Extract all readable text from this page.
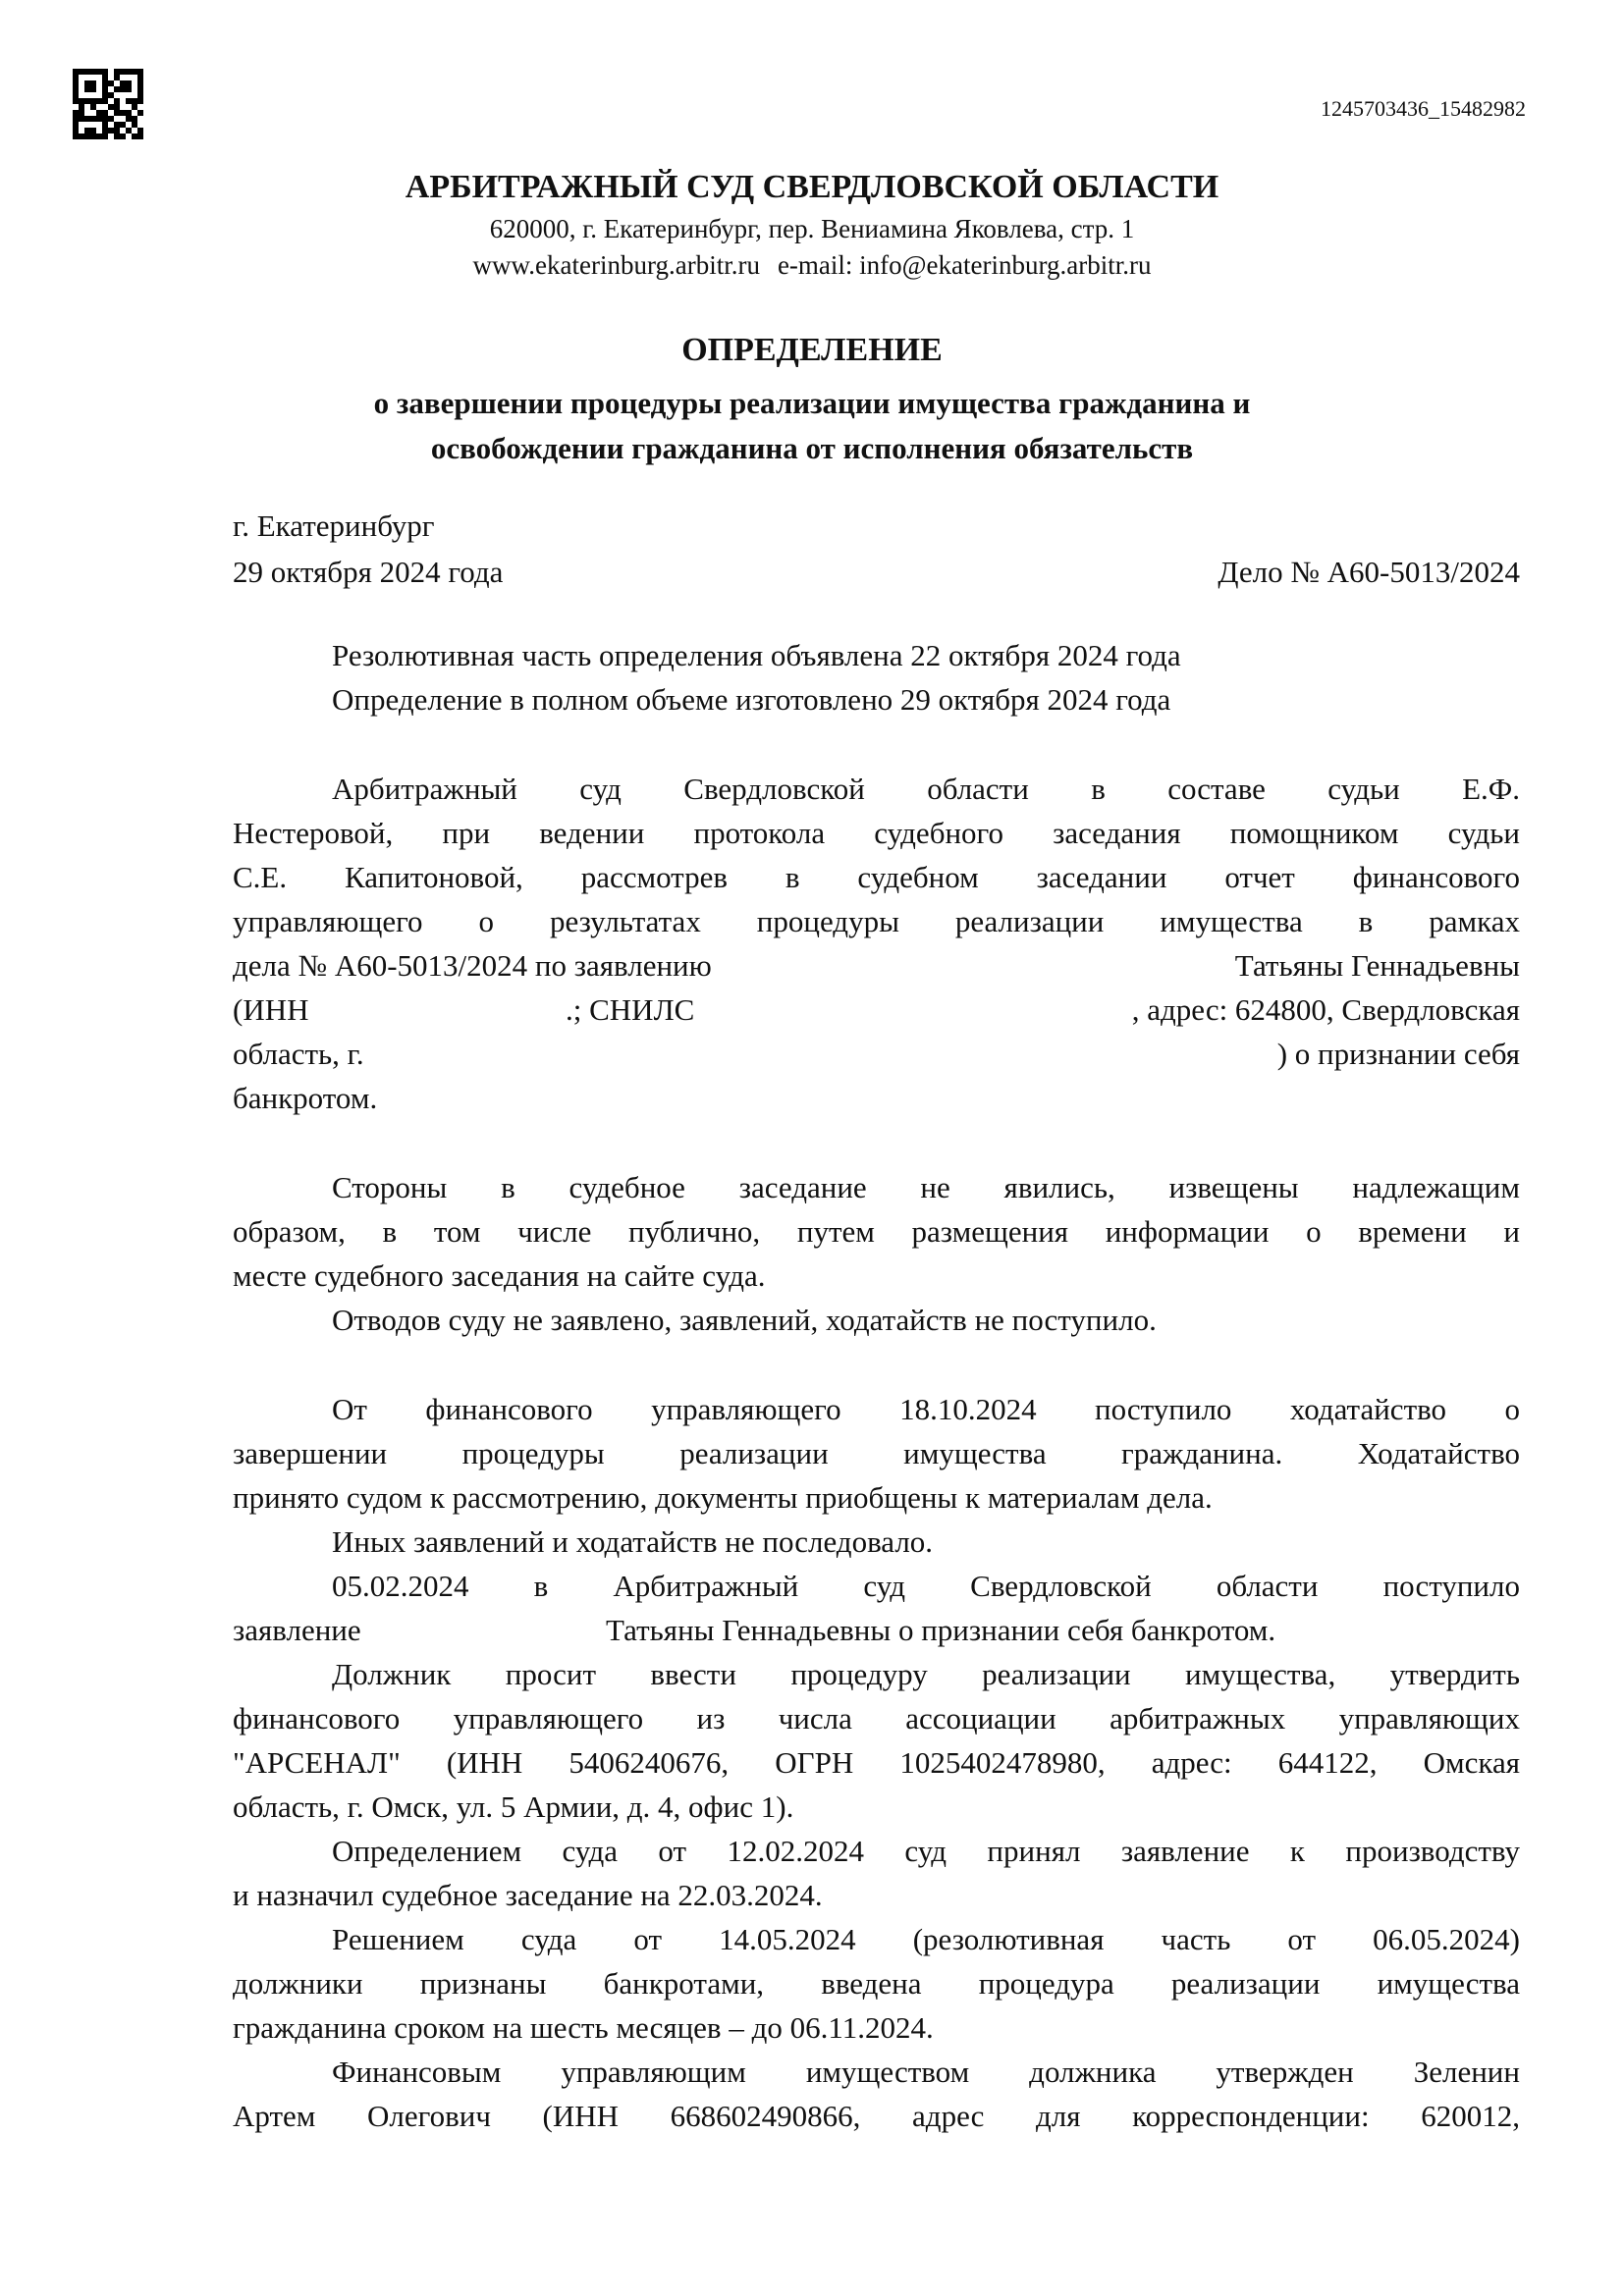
1245703436_15482982
АРБИТРАЖНЫЙ СУД СВЕРДЛОВСКОЙ ОБЛАСТИ
620000, г. Екатеринбург, пер. Вениамина Яковлева, стр. 1
www.ekaterinburg.arbitr.ru e-mail: info@ekaterinburg.arbitr.ru
ОПРЕДЕЛЕНИЕ
о завершении процедуры реализации имущества гражданина и
освобождении гражданина от исполнения обязательств
г. Екатеринбург
29 октября 2024 года	Дело № А60-5013/2024
Резолютивная часть определения объявлена 22 октября 2024 года
Определение в полном объеме изготовлено 29 октября 2024 года
Арбитражный суд Свердловской области в составе судьи Е.Ф.
Нестеровой, при ведении протокола судебного заседания помощником судьи
С.Е. Капитоновой, рассмотрев в судебном заседании отчет финансового
управляющего о результатах процедуры реализации имущества в рамках
дела № А60-5013/2024 по заявлению	Татьяны Геннадьевны
(ИНН	.; СНИЛС	, адрес: 624800, Свердловская
область, г.	) о признании себя
банкротом.
Стороны в судебное заседание не явились, извещены надлежащим
образом, в том числе публично, путем размещения информации о времени и
месте судебного заседания на сайте суда.
Отводов суду не заявлено, заявлений, ходатайств не поступило.
От финансового управляющего 18.10.2024 поступило ходатайство о
завершении процедуры реализации имущества гражданина. Ходатайство
принято судом к рассмотрению, документы приобщены к материалам дела.
Иных заявлений и ходатайств не последовало.
05.02.2024 в Арбитражный суд Свердловской области поступило
заявление	Татьяны Геннадьевны о признании себя банкротом.
Должник просит ввести процедуру реализации имущества, утвердить
финансового управляющего из числа ассоциации арбитражных управляющих
"АРСЕНАЛ" (ИНН 5406240676, ОГРН 1025402478980, адрес: 644122, Омская
область, г. Омск, ул. 5 Армии, д. 4, офис 1).
Определением суда от 12.02.2024 суд принял заявление к производству
и назначил судебное заседание на 22.03.2024.
Решением суда от 14.05.2024 (резолютивная часть от 06.05.2024)
должники признаны банкротами, введена процедура реализации имущества
гражданина сроком на шесть месяцев – до 06.11.2024.
Финансовым управляющим имуществом должника утвержден Зеленин
Артем Олегович (ИНН 668602490866, адрес для корреспонденции: 620012,
